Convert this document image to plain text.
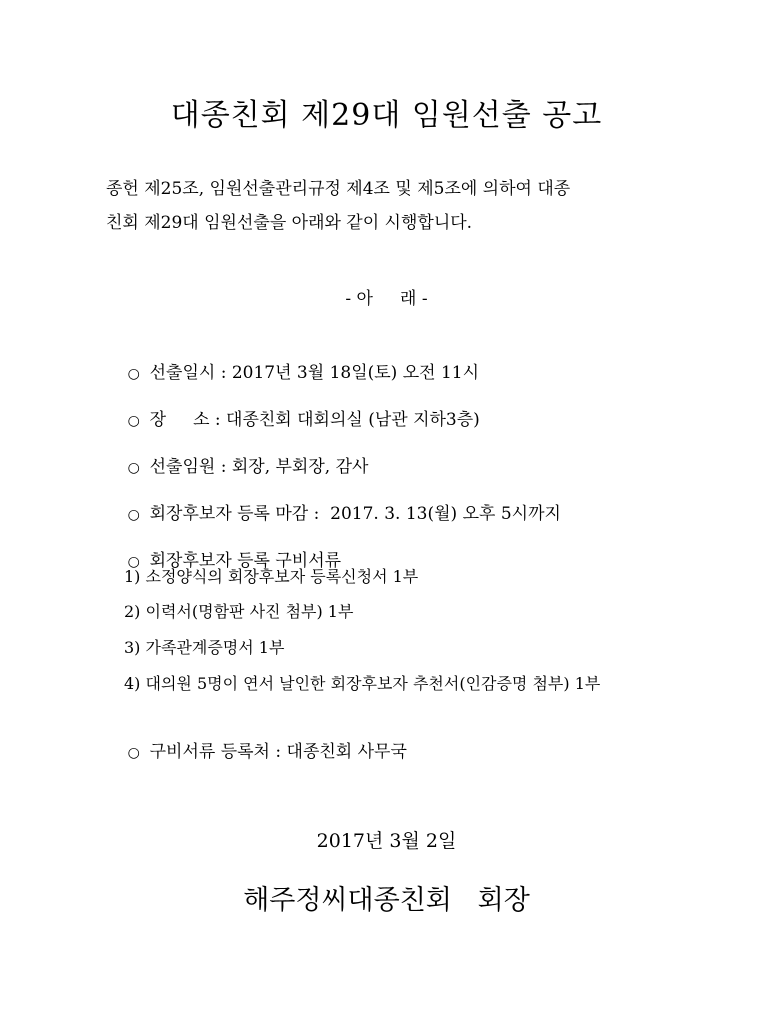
대종친회 제29대 임원선출 공고

종헌 제25조, 임원선출관리규정 제4조 및 제5조에 의하여 대종

친회 제29대 임원선출을 아래와 같이 시행합니다.

- 아     래 -

○ 선출일시 : 2017년 3월 18일(토) 오전 11시

○ 장     소 : 대종친회 대회의실 (남관 지하3층)

○ 선출임원 : 회장, 부회장, 감사

○ 회장후보자 등록 마감 :  2017. 3. 13(월) 오후 5시까지

○ 회장후보자 등록 구비서류

1) 소정양식의 회장후보자 등록신청서 1부
2) 이력서(명함판 사진 첨부) 1부
3) 가족관계증명서 1부
4) 대의원 5명이 연서 날인한 회장후보자 추천서(인감증명 첨부) 1부

○ 구비서류 등록처 : 대종친회 사무국

2017년 3월 2일
해주정씨대종친회   회장
